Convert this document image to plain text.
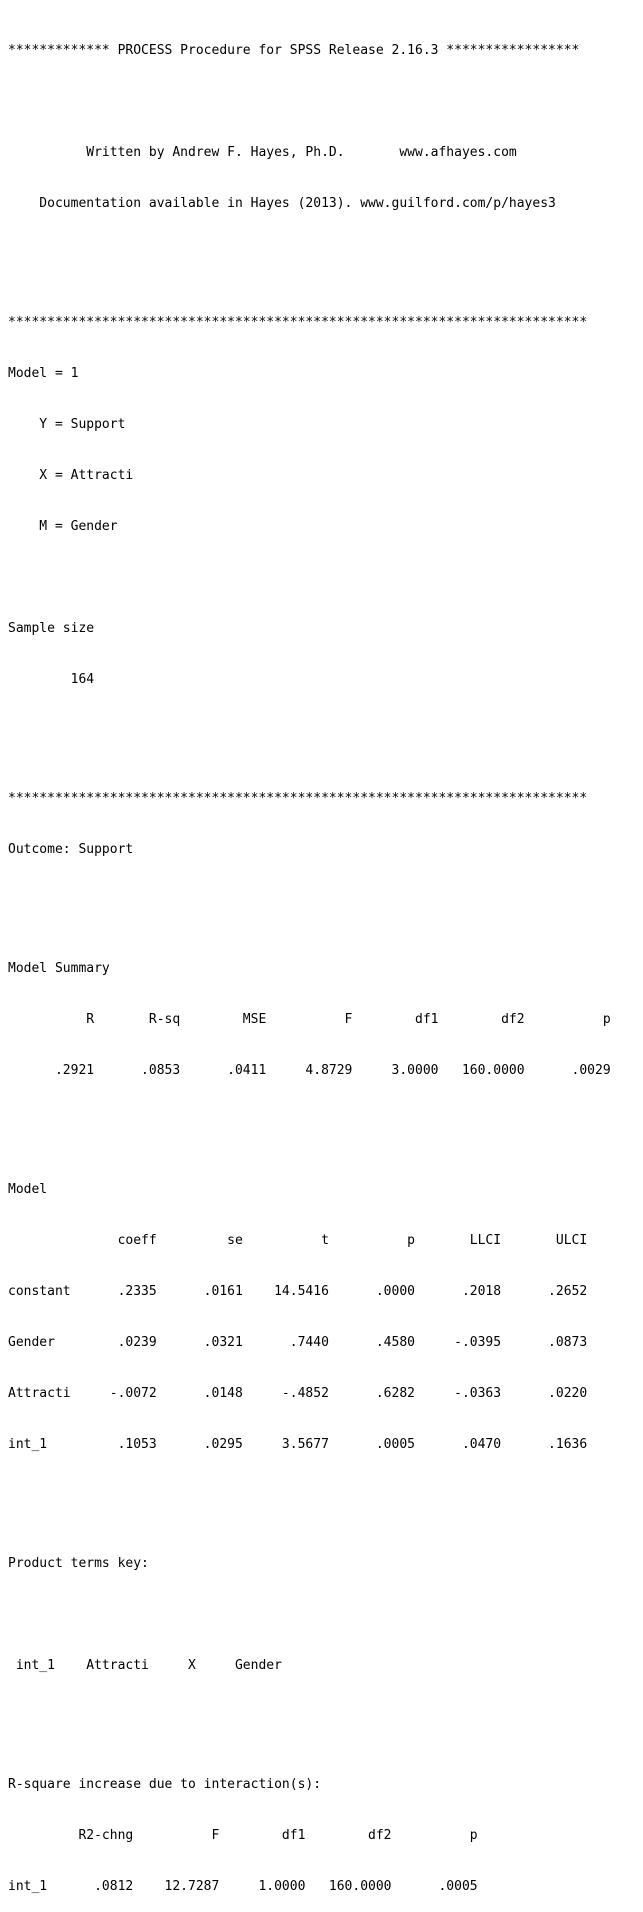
************* PROCESS Procedure for SPSS Release 2.16.3 *****************

Written by Andrew F. Hayes, Ph.D.       www.afhayes.com

Documentation available in Hayes (2013). www.guilford.com/p/hayes3

**************************************************************************

Model = 1

Y = Support

X = Attracti

M = Gender

Sample size

164

**************************************************************************

Outcome: Support

Model Summary

R       R-sq        MSE          F        df1        df2          p

.2921      .0853      .0411     4.8729     3.0000   160.0000      .0029

Model

coeff         se          t          p       LLCI       ULCI

constant      .2335      .0161    14.5416      .0000      .2018      .2652

Gender        .0239      .0321      .7440      .4580     -.0395      .0873

Attracti     -.0072      .0148     -.4852      .6282     -.0363      .0220

int_1         .1053      .0295     3.5677      .0005      .0470      .1636

Product terms key:

int_1    Attracti     X     Gender

R-square increase due to interaction(s):

R2-chng          F        df1        df2          p

int_1      .0812    12.7287     1.0000   160.0000      .0005
